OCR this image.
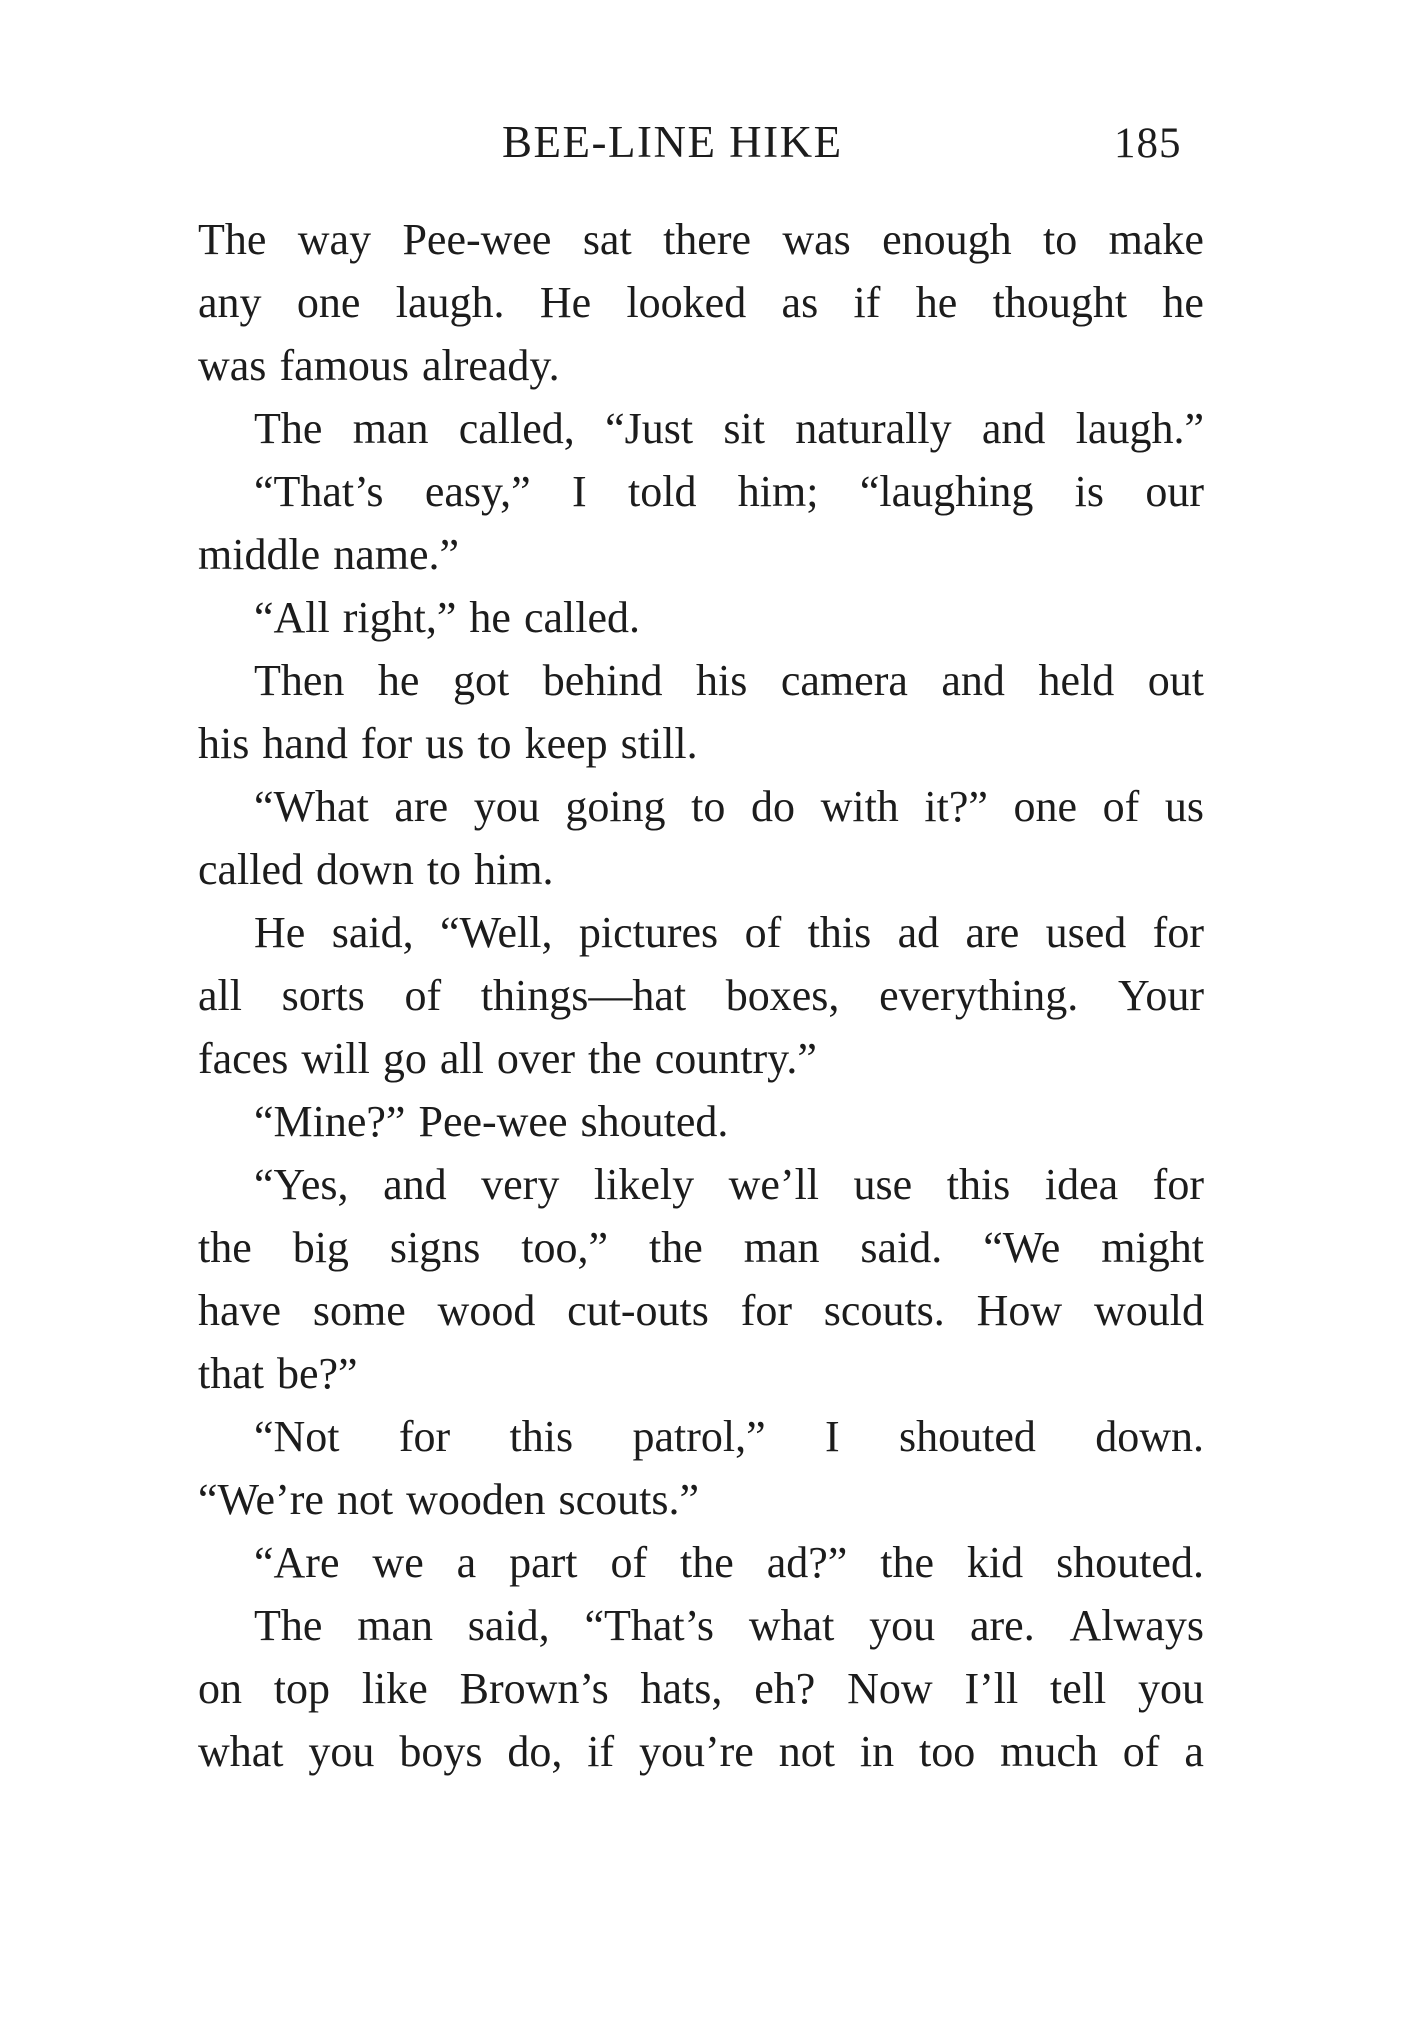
BEE-LINE HIKE	185
The way Pee-wee sat there was enough to make
any one laugh. He looked as if he thought he
was famous already.
The man called, “Just sit naturally and laugh.”
“That’s easy,” I told him; “laughing is our
middle name.”
“All right,” he called.
Then he got behind his camera and held out
his hand for us to keep still.
“What are you going to do with it?” one of us
called down to him.
He said, “Well, pictures of this ad are used for
all sorts of things—hat boxes, everything. Your
faces will go all over the country.”
“Mine?” Pee-wee shouted.
“Yes, and very likely we’ll use this idea for
the big signs too,” the man said. “We might
have some wood cut-outs for scouts. How would
that be?”
“Not for this patrol,” I shouted down.
“We’re not wooden scouts.”
“Are we a part of the ad?” the kid shouted.
The man said, “That’s what you are. Always
on top like Brown’s hats, eh? Now I’ll tell you
what you boys do, if you’re not in too much of a
